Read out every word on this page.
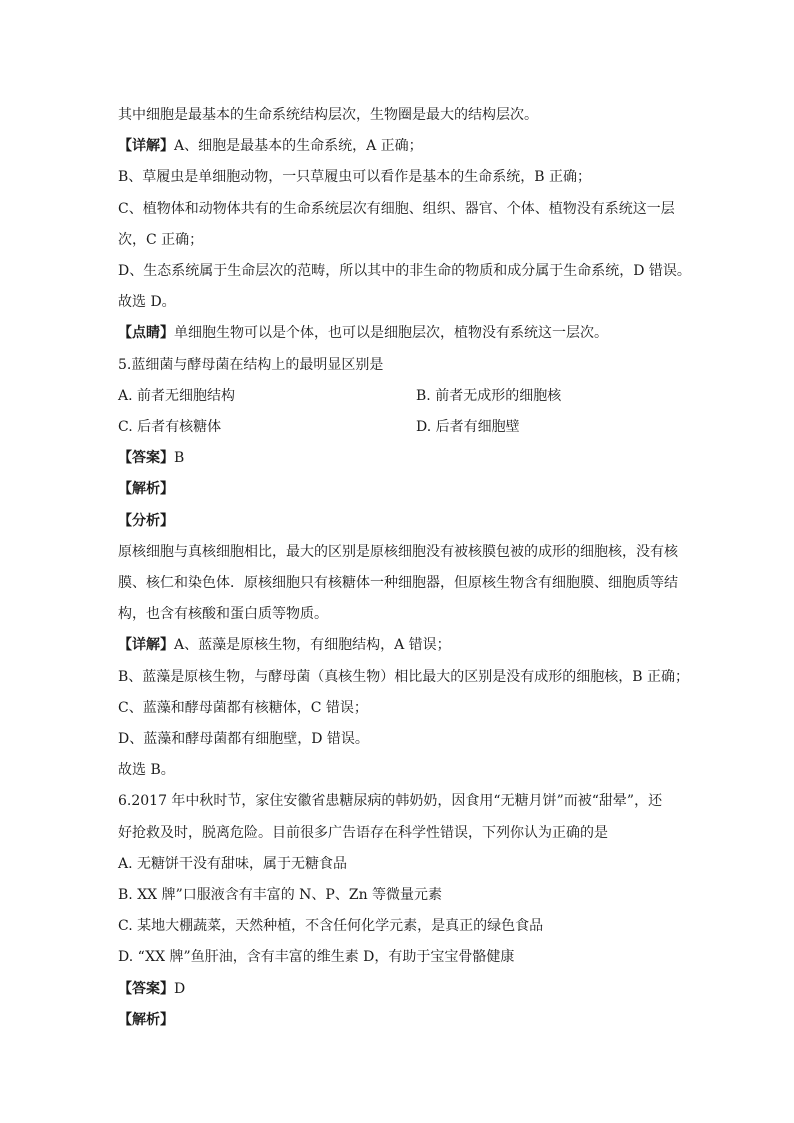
其中细胞是最基本的生命系统结构层次，生物圈是最大的结构层次。
【详解】A、细胞是最基本的生命系统，A 正确；
B、草履虫是单细胞动物，一只草履虫可以看作是基本的生命系统，B 正确；
C、植物体和动物体共有的生命系统层次有细胞、组织、器官、个体、植物没有系统这一层
次，C 正确；
D、生态系统属于生命层次的范畴，所以其中的非生命的物质和成分属于生命系统，D 错误。
故选 D。
【点睛】单细胞生物可以是个体，也可以是细胞层次，植物没有系统这一层次。
5.蓝细菌与酵母菌在结构上的最明显区别是
A. 前者无细胞结构	B. 前者无成形的细胞核
C. 后者有核糖体	D. 后者有细胞壁
【答案】B
【解析】
【分析】
原核细胞与真核细胞相比，最大的区别是原核细胞没有被核膜包被的成形的细胞核，没有核
膜、核仁和染色体．原核细胞只有核糖体一种细胞器，但原核生物含有细胞膜、细胞质等结
构，也含有核酸和蛋白质等物质。
【详解】A、蓝藻是原核生物，有细胞结构，A 错误；
B、蓝藻是原核生物，与酵母菌（真核生物）相比最大的区别是没有成形的细胞核，B 正确；
C、蓝藻和酵母菌都有核糖体，C 错误；
D、蓝藻和酵母菌都有细胞壁，D 错误。
故选 B。
6.2017 年中秋时节，家住安徽省患糖尿病的韩奶奶，因食用“无糖月饼”而被“甜晕”，还
好抢救及时，脱离危险。目前很多广告语存在科学性错误，下列你认为正确的是
A. 无糖饼干没有甜味，属于无糖食品
B. XX 牌”口服液含有丰富的 N、P、Zn 等微量元素
C. 某地大棚蔬菜，天然种植，不含任何化学元素，是真正的绿色食品
D. “XX 牌”鱼肝油，含有丰富的维生素 D，有助于宝宝骨骼健康
【答案】D
【解析】
